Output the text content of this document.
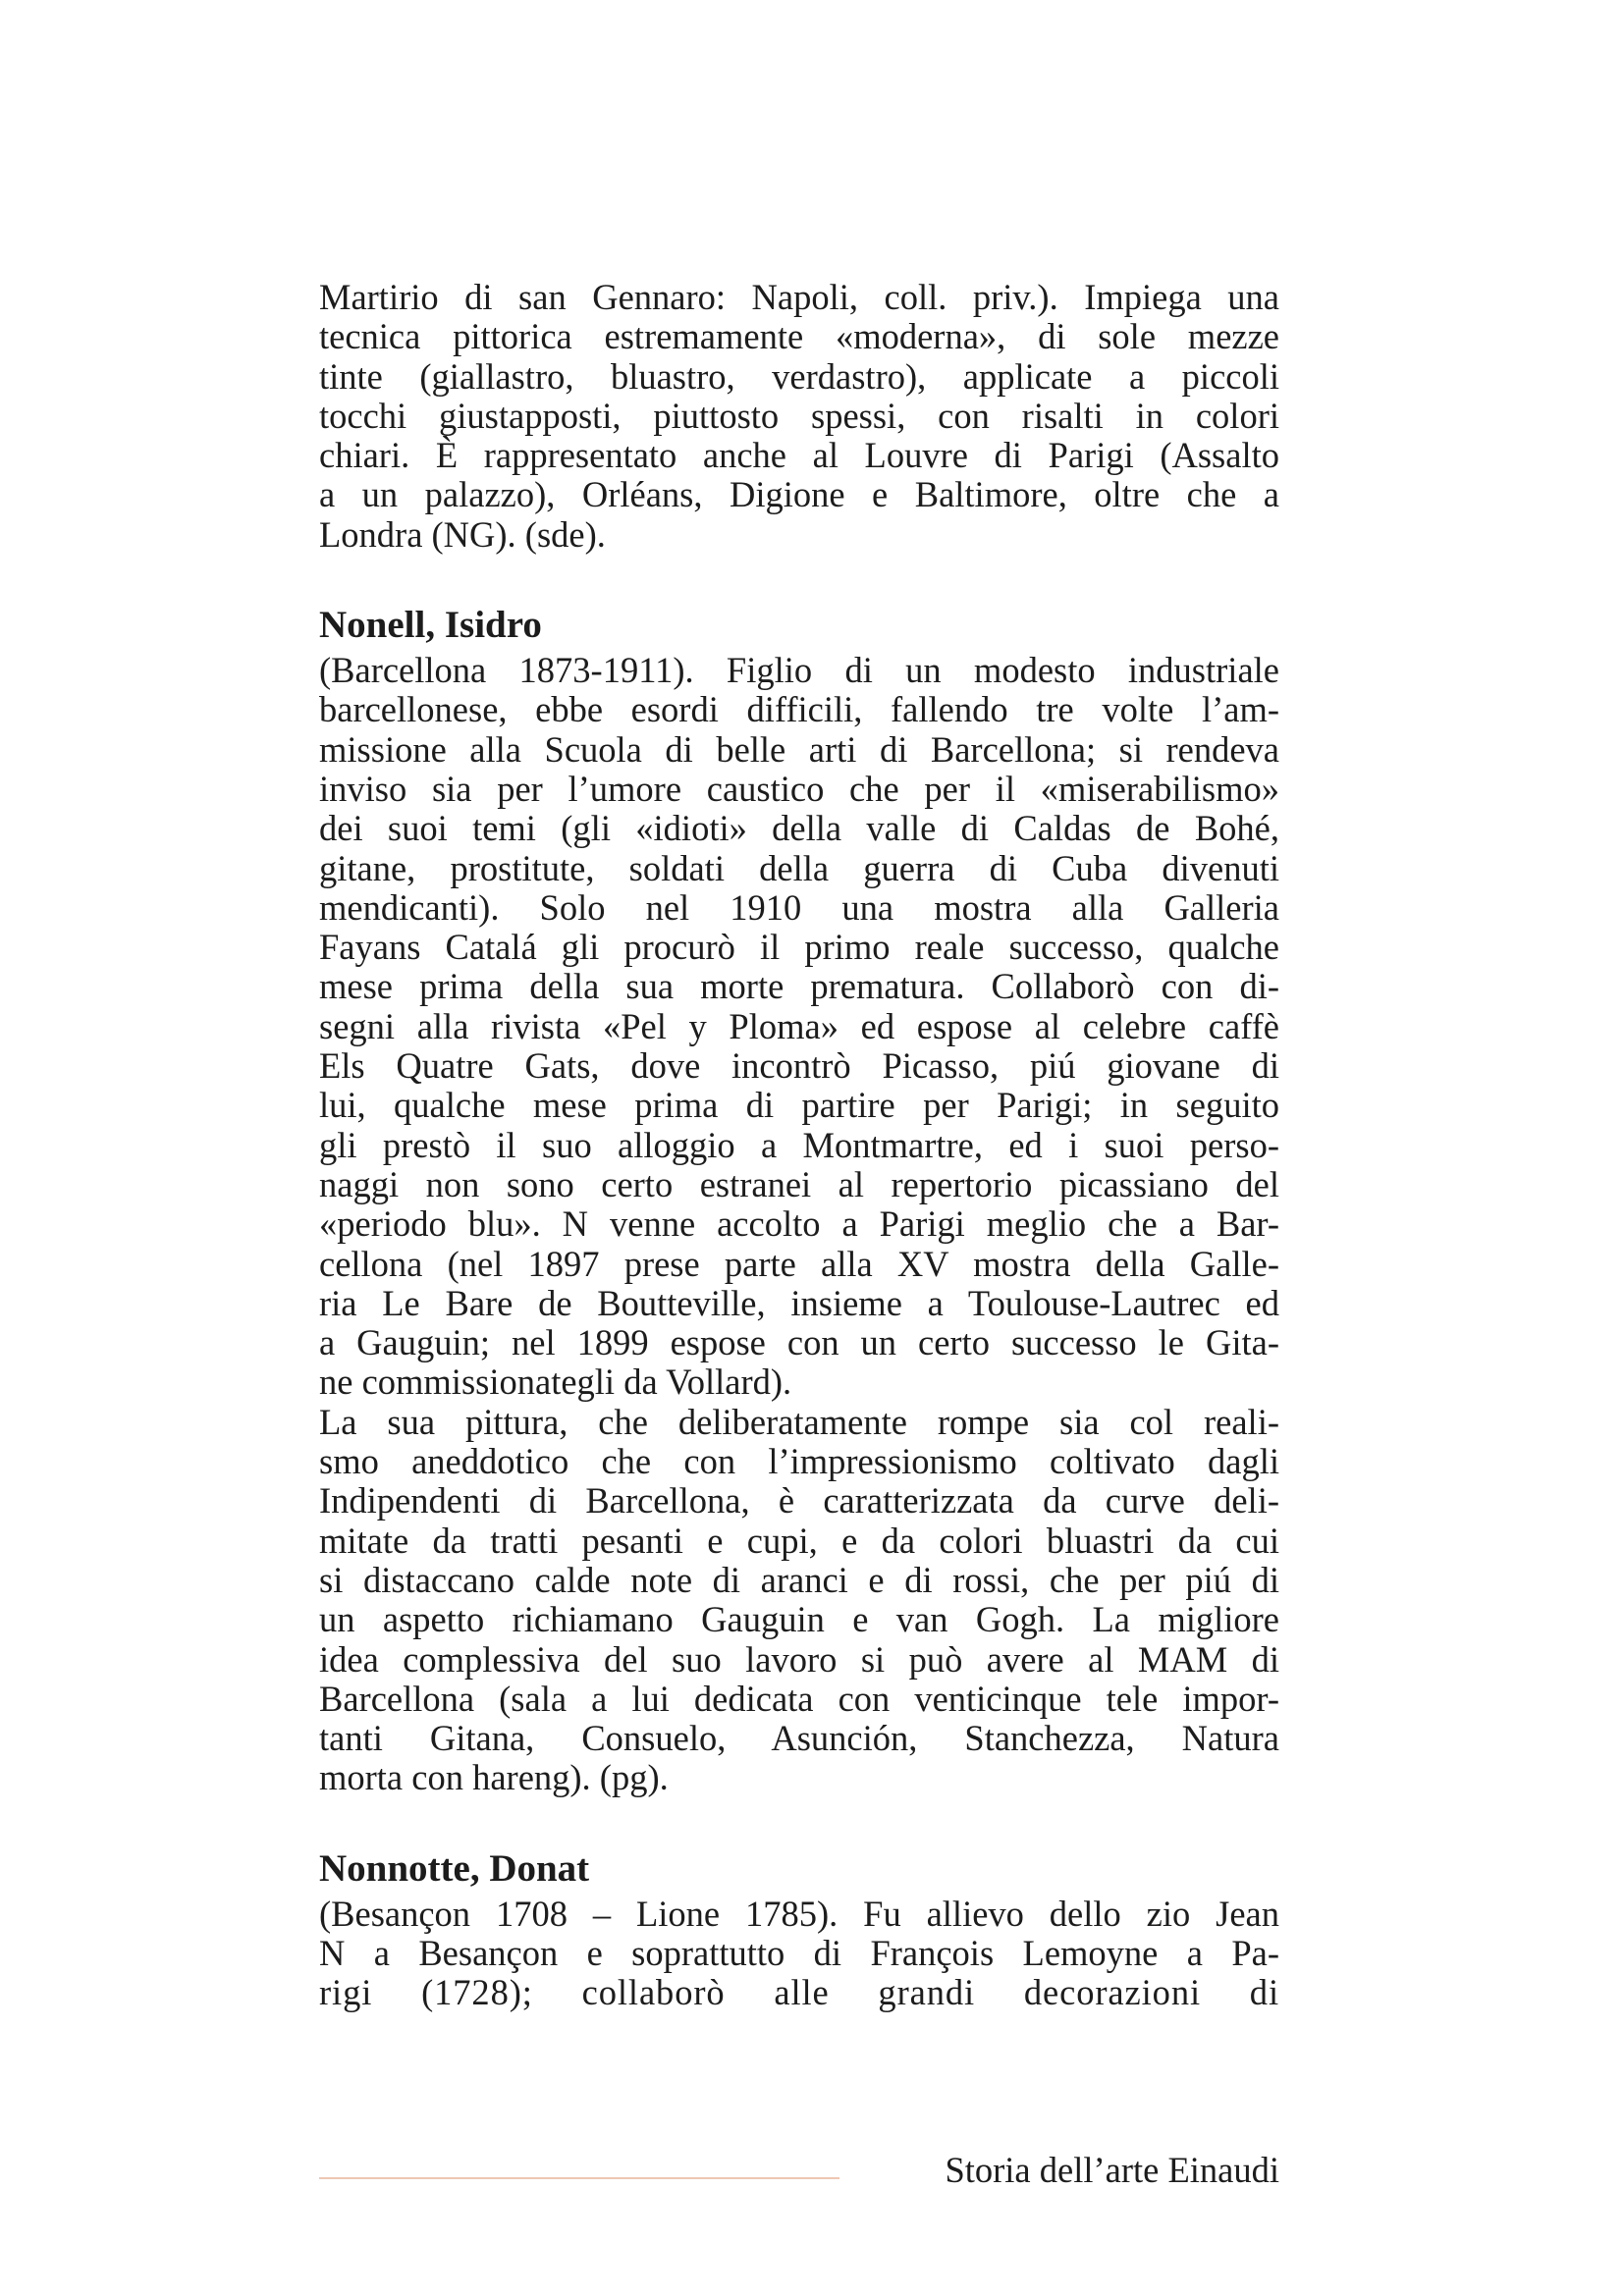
Martirio di san Gennaro: Napoli, coll. priv.). Impiega una

tecnica pittorica estremamente «moderna», di sole mezze

tinte (giallastro, bluastro, verdastro), applicate a piccoli

tocchi giustapposti, piuttosto spessi, con risalti in colori

chiari. È rappresentato anche al Louvre di Parigi (Assalto

a un palazzo), Orléans, Digione e Baltimore, oltre che a

Londra (NG). (sde).

Nonell, Isidro

(Barcellona 1873-1911). Figlio di un modesto industriale

barcellonese, ebbe esordi difficili, fallendo tre volte l’am-

missione alla Scuola di belle arti di Barcellona; si rendeva

inviso sia per l’umore caustico che per il «miserabilismo»

dei suoi temi (gli «idioti» della valle di Caldas de Bohé,

gitane, prostitute, soldati della guerra di Cuba divenuti

mendicanti). Solo nel 1910 una mostra alla Galleria

Fayans Catalá gli procurò il primo reale successo, qualche

mese prima della sua morte prematura. Collaborò con di-

segni alla rivista «Pel y Ploma» ed espose al celebre caffè

Els Quatre Gats, dove incontrò Picasso, piú giovane di

lui, qualche mese prima di partire per Parigi; in seguito

gli prestò il suo alloggio a Montmartre, ed i suoi perso-

naggi non sono certo estranei al repertorio picassiano del

«periodo blu». N venne accolto a Parigi meglio che a Bar-

cellona (nel 1897 prese parte alla XV mostra della Galle-

ria Le Bare de Boutteville, insieme a Toulouse-Lautrec ed

a Gauguin; nel 1899 espose con un certo successo le Gita-

ne commissionategli da Vollard).

La sua pittura, che deliberatamente rompe sia col reali-

smo aneddotico che con l’impressionismo coltivato dagli

Indipendenti di Barcellona, è caratterizzata da curve deli-

mitate da tratti pesanti e cupi, e da colori bluastri da cui

si distaccano calde note di aranci e di rossi, che per piú di

un aspetto richiamano Gauguin e van Gogh. La migliore

idea complessiva del suo lavoro si può avere al MAM di

Barcellona (sala a lui dedicata con venticinque tele impor-

tanti Gitana, Consuelo, Asunción, Stanchezza, Natura

morta con hareng). (pg).

Nonnotte, Donat

(Besançon 1708 – Lione 1785). Fu allievo dello zio Jean

N a Besançon e soprattutto di François Lemoyne a Pa-

rigi (1728); collaborò alle grandi decorazioni di

Storia dell’arte Einaudi
